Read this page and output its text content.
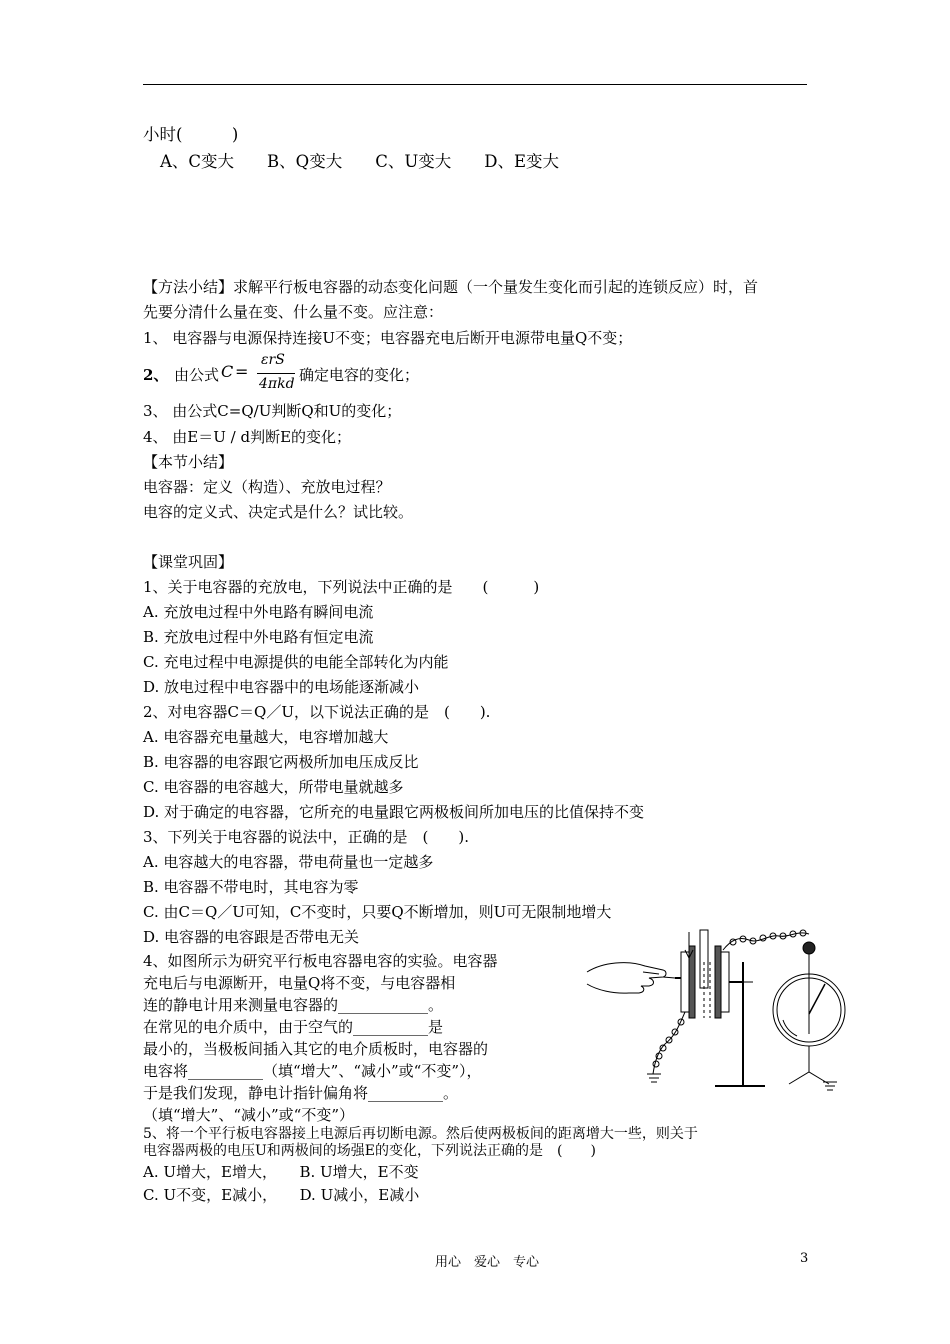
小时(　　　)
A、C变大　　B、Q变大　　C、U变大　　D、E变大
【方法小结】求解平行板电容器的动态变化问题（一个量发生变化而引起的连锁反应）时，首
先要分清什么量在变、什么量不变。应注意：
1、 电容器与电源保持连接U不变；电容器充电后断开电源带电量Q不变；
2、 由公式 C =
εrS
4πkd 确定电容的变化；
3、 由公式C=Q/U判断Q和U的变化；
4、 由E＝U / d判断E的变化；
【本节小结】
电容器：定义（构造）、充放电过程？
电容的定义式、决定式是什么？试比较。
【课堂巩固】
1、关于电容器的充放电，下列说法中正确的是　　(　　　)
A. 充放电过程中外电路有瞬间电流
B. 充放电过程中外电路有恒定电流
C. 充电过程中电源提供的电能全部转化为内能
D. 放电过程中电容器中的电场能逐渐减小
2、对电容器C＝Q／U，以下说法正确的是　(　　).
A. 电容器充电量越大，电容增加越大
B. 电容器的电容跟它两极所加电压成反比
C. 电容器的电容越大，所带电量就越多
D. 对于确定的电容器，它所充的电量跟它两极板间所加电压的比值保持不变
3、下列关于电容器的说法中，正确的是　(　　).
A. 电容越大的电容器，带电荷量也一定越多
B. 电容器不带电时，其电容为零
C. 由C＝Q／U可知，C不变时，只要Q不断增加，则U可无限制地增大
D. 电容器的电容跟是否带电无关
4、如图所示为研究平行板电容器电容的实验。电容器
充电后与电源断开，电量Q将不变，与电容器相
连的静电计用来测量电容器的____________。
在常见的电介质中，由于空气的__________是
最小的，当极板间插入其它的电介质板时，电容器的
电容将__________（填“增大”、“减小”或“不变”），
于是我们发现，静电计指针偏角将__________。
（填“增大”、“减小”或“不变”）
5、将一个平行板电容器接上电源后再切断电源。然后使两极板间的距离增大一些，则关于
电容器两极的电压U和两极间的场强E的变化，下列说法正确的是　(　　)
A. U增大，E增大，　　B. U增大，E不变
C. U不变，E减小，　　D. U减小，E减小
用心　爱心　专心	3
